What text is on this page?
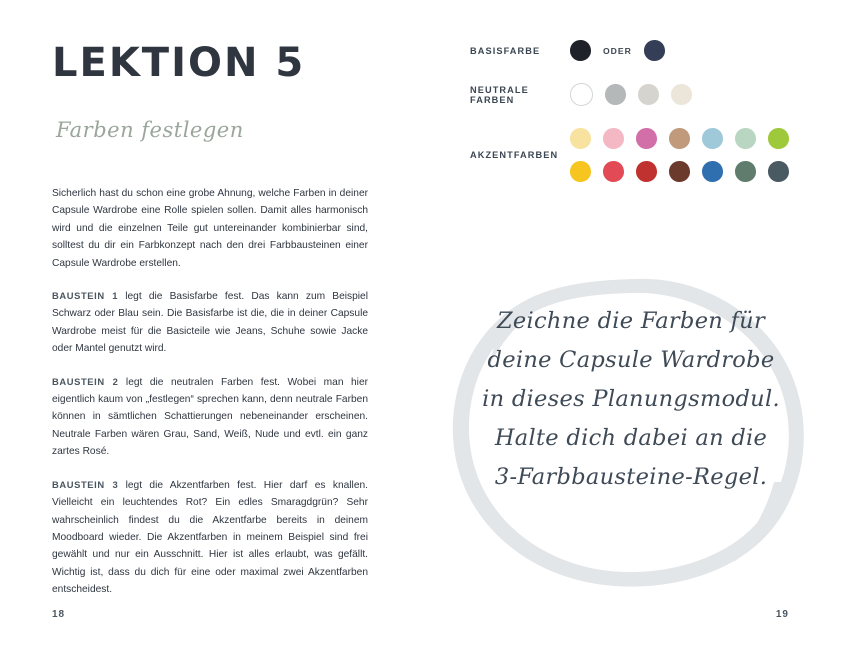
LEKTION 5
Farben festlegen

Sicherlich hast du schon eine grobe Ahnung, welche Farben in deiner Capsule Wardrobe eine Rolle spielen sollen. Damit alles harmonisch wird und die einzelnen Teile gut untereinander kombinierbar sind, solltest du dir ein Farbkonzept nach den drei Farbbausteinen einer Capsule Wardrobe erstellen.

BAUSTEIN 1 legt die Basisfarbe fest. Das kann zum Beispiel Schwarz oder Blau sein. Die Basisfarbe ist die, die in deiner Capsule Wardrobe meist für die Basicteile wie Jeans, Schuhe sowie Jacke oder Mantel genutzt wird.

BAUSTEIN 2 legt die neutralen Farben fest. Wobei man hier eigentlich kaum von „festlegen“ sprechen kann, denn neutrale Farben können in sämtlichen Schattierungen nebeneinander erscheinen. Neutrale Farben wären Grau, Sand, Weiß, Nude und evtl. ein ganz zartes Rosé.

BAUSTEIN 3 legt die Akzentfarben fest. Hier darf es knallen. Vielleicht ein leuchtendes Rot? Ein edles Smaragdgrün? Sehr wahrscheinlich findest du die Akzentfarbe bereits in deinem Moodboard wieder. Die Akzentfarben in meinem Beispiel sind frei gewählt und nur ein Ausschnitt. Hier ist alles erlaubt, was gefällt. Wichtig ist, dass du dich für eine oder maximal zwei Akzentfarben entscheidest.

18
BASISFARBE	ODER
NEUTRALE FARBEN
AKZENTFARBEN
Zeichne die Farben für
deine Capsule Wardrobe
in dieses Planungsmodul.
Halte dich dabei an die
3-Farbbausteine-Regel.
19
